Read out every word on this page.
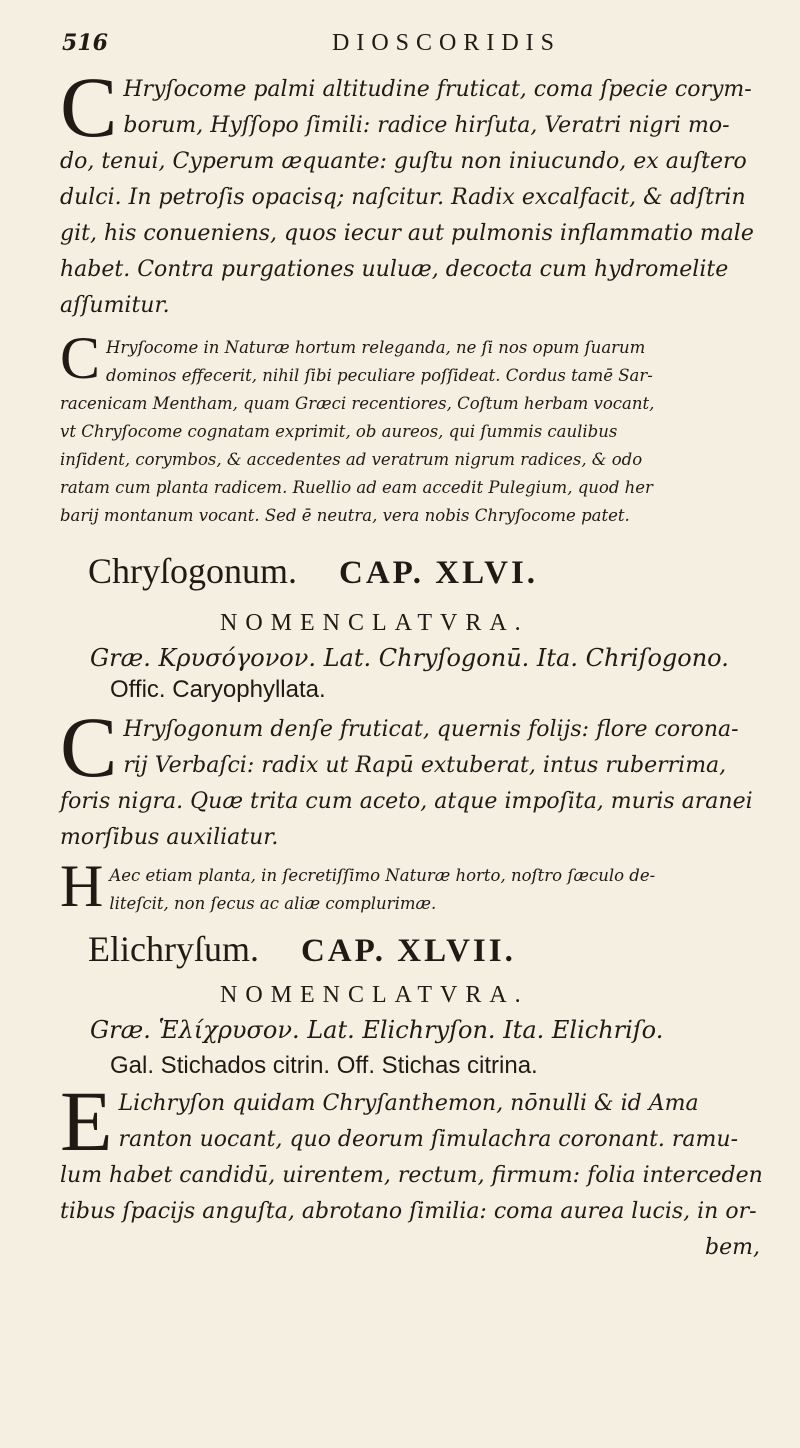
516	DIOSCORIDIS
C Hryſocome palmi altitudine fruticat, coma ſpecie corym-
borum, Hyſſopo ſimili: radice hirſuta, Veratri nigri mo-
do, tenui, Cyperum æquante: guſtu non iniucundo, ex auſtero
dulci. In petroſis opacisq; naſcitur. Radix excalfacit, & adſtrin
git, his conueniens, quos iecur aut pulmonis inflammatio male
habet. Contra purgationes uuluæ, decocta cum hydromelite
aſſumitur.
C Hryſocome in Naturæ hortum releganda, ne ſi nos opum ſuarum
dominos effecerit, nihil ſibi peculiare poſſideat. Cordus tamē Sar-
racenicam Mentham, quam Græci recentiores, Coſtum herbam vocant,
vt Chryſocome cognatam exprimit, ob aureos, qui ſummis caulibus
inſident, corymbos, & accedentes ad veratrum nigrum radices, & odo
ratam cum planta radicem. Ruellio ad eam accedit Pulegium, quod her
barij montanum vocant. Sed ē neutra, vera nobis Chryſocome patet.
Chryſogonum. CAP. XLVI.
NOMENCLATVRA.
Græ. Κρυσόγονον. Lat. Chryſogonū. Ita. Chriſogono.
Offic. Caryophyllata.
C Hryſogonum denſe fruticat, quernis folijs: flore corona-
rij Verbaſci: radix ut Rapū extuberat, intus ruberrima,
foris nigra. Quæ trita cum aceto, atque impoſita, muris aranei
morſibus auxiliatur.
H Aec etiam planta, in ſecretiſſimo Naturæ horto, noſtro ſæculo de-
liteſcit, non ſecus ac aliæ complurimæ.
Elichryſum. CAP. XLVII.
NOMENCLATVRA.
Græ. Ἑλίχρυσον. Lat. Elichryſon. Ita. Elichriſo.
Gal. Stichados citrin. Off. Stichas citrina.
E Lichryſon quidam Chryſanthemon, nōnulli & id Ama
ranton uocant, quo deorum ſimulachra coronant. ramu-
lum habet candidū, uirentem, rectum, firmum: folia interceden
tibus ſpacijs anguſta, abrotano ſimilia: coma aurea lucis, in or-
bem,
